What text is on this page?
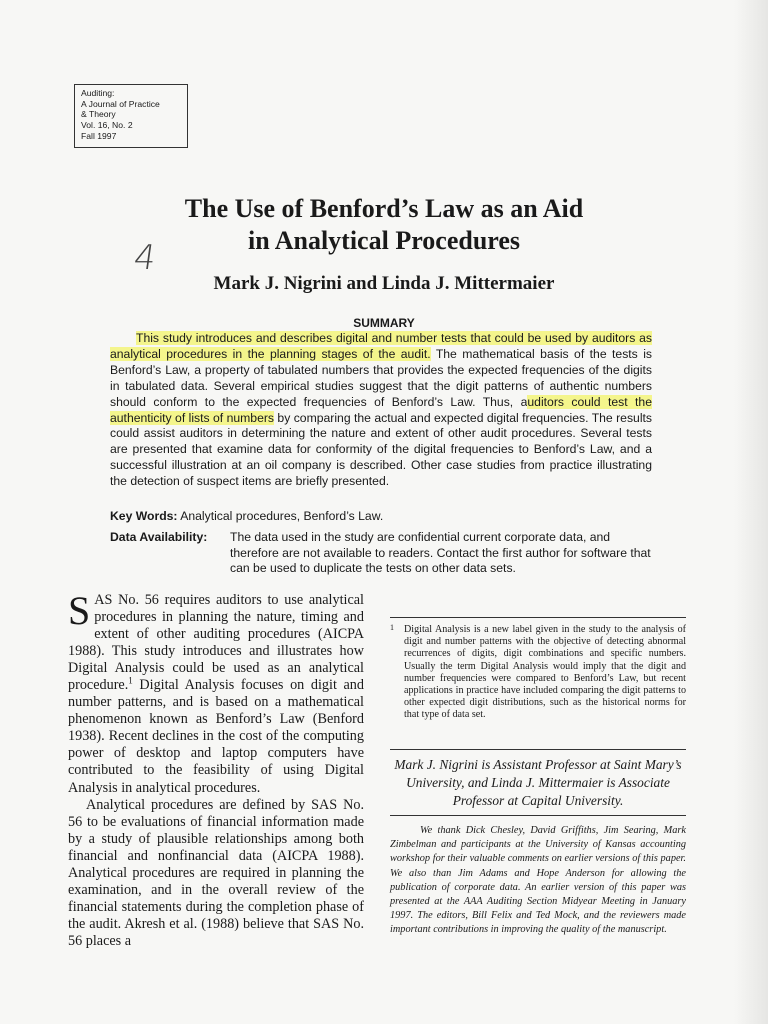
Auditing:
A Journal of Practice
& Theory
Vol. 16, No. 2
Fall 1997
The Use of Benford’s Law as an Aid
in Analytical Procedures
4
Mark J. Nigrini and Linda J. Mittermaier
SUMMARY

This study introduces and describes digital and number tests that could be used by auditors as analytical procedures in the planning stages of the audit. The mathematical basis of the tests is Benford’s Law, a property of tabulated numbers that provides the expected frequencies of the digits in tabulated data. Several empirical studies suggest that the digit patterns of authentic numbers should conform to the expected frequencies of Benford’s Law. Thus, auditors could test the authenticity of lists of numbers by comparing the actual and expected digital frequencies. The results could assist auditors in determining the nature and extent of other audit procedures. Several tests are presented that examine data for conformity of the digital frequencies to Benford’s Law, and a successful illustration at an oil company is described. Other case studies from practice illustrating the detection of suspect items are briefly presented.

Key Words: Analytical procedures, Benford’s Law.
Data Availability: The data used in the study are confidential current corporate data, and therefore are not available to readers. Contact the first author for software that can be used to duplicate the tests on other data sets.

SAS No. 56 requires auditors to use analytical procedures in planning the nature, timing and extent of other auditing procedures (AICPA 1988). This study introduces and illustrates how Digital Analysis could be used as an analytical procedure.$^1$ Digital Analysis focuses on digit and number patterns, and is based on a mathematical phenomenon known as Benford’s Law (Benford 1938). Recent declines in the cost of the computing power of desktop and laptop computers have contributed to the feasibility of using Digital Analysis in analytical procedures.

Analytical procedures are defined by SAS No. 56 to be evaluations of financial information made by a study of plausible relationships among both financial and nonfinancial data (AICPA 1988). Analytical procedures are required in planning the examination, and in the overall review of the financial statements during the completion phase of the audit. Akresh et al. (1988) believe that SAS No. 56 places a

1 Digital Analysis is a new label given in the study to the analysis of digit and number patterns with the objective of detecting abnormal recurrences of digits, digit combinations and specific numbers. Usually the term Digital Analysis would imply that the digit and number frequencies were compared to Benford’s Law, but recent applications in practice have included comparing the digit patterns to other expected digit distributions, such as the historical norms for that type of data set.
Mark J. Nigrini is Assistant Professor at Saint Mary’s University, and Linda J. Mittermaier is Associate Professor at Capital University.
We thank Dick Chesley, David Griffiths, Jim Searing, Mark Zimbelman and participants at the University of Kansas accounting workshop for their valuable comments on earlier versions of this paper. We also than Jim Adams and Hope Anderson for allowing the publication of corporate data. An earlier version of this paper was presented at the AAA Auditing Section Midyear Meeting in January 1997. The editors, Bill Felix and Ted Mock, and the reviewers made important contributions in improving the quality of the manuscript.
